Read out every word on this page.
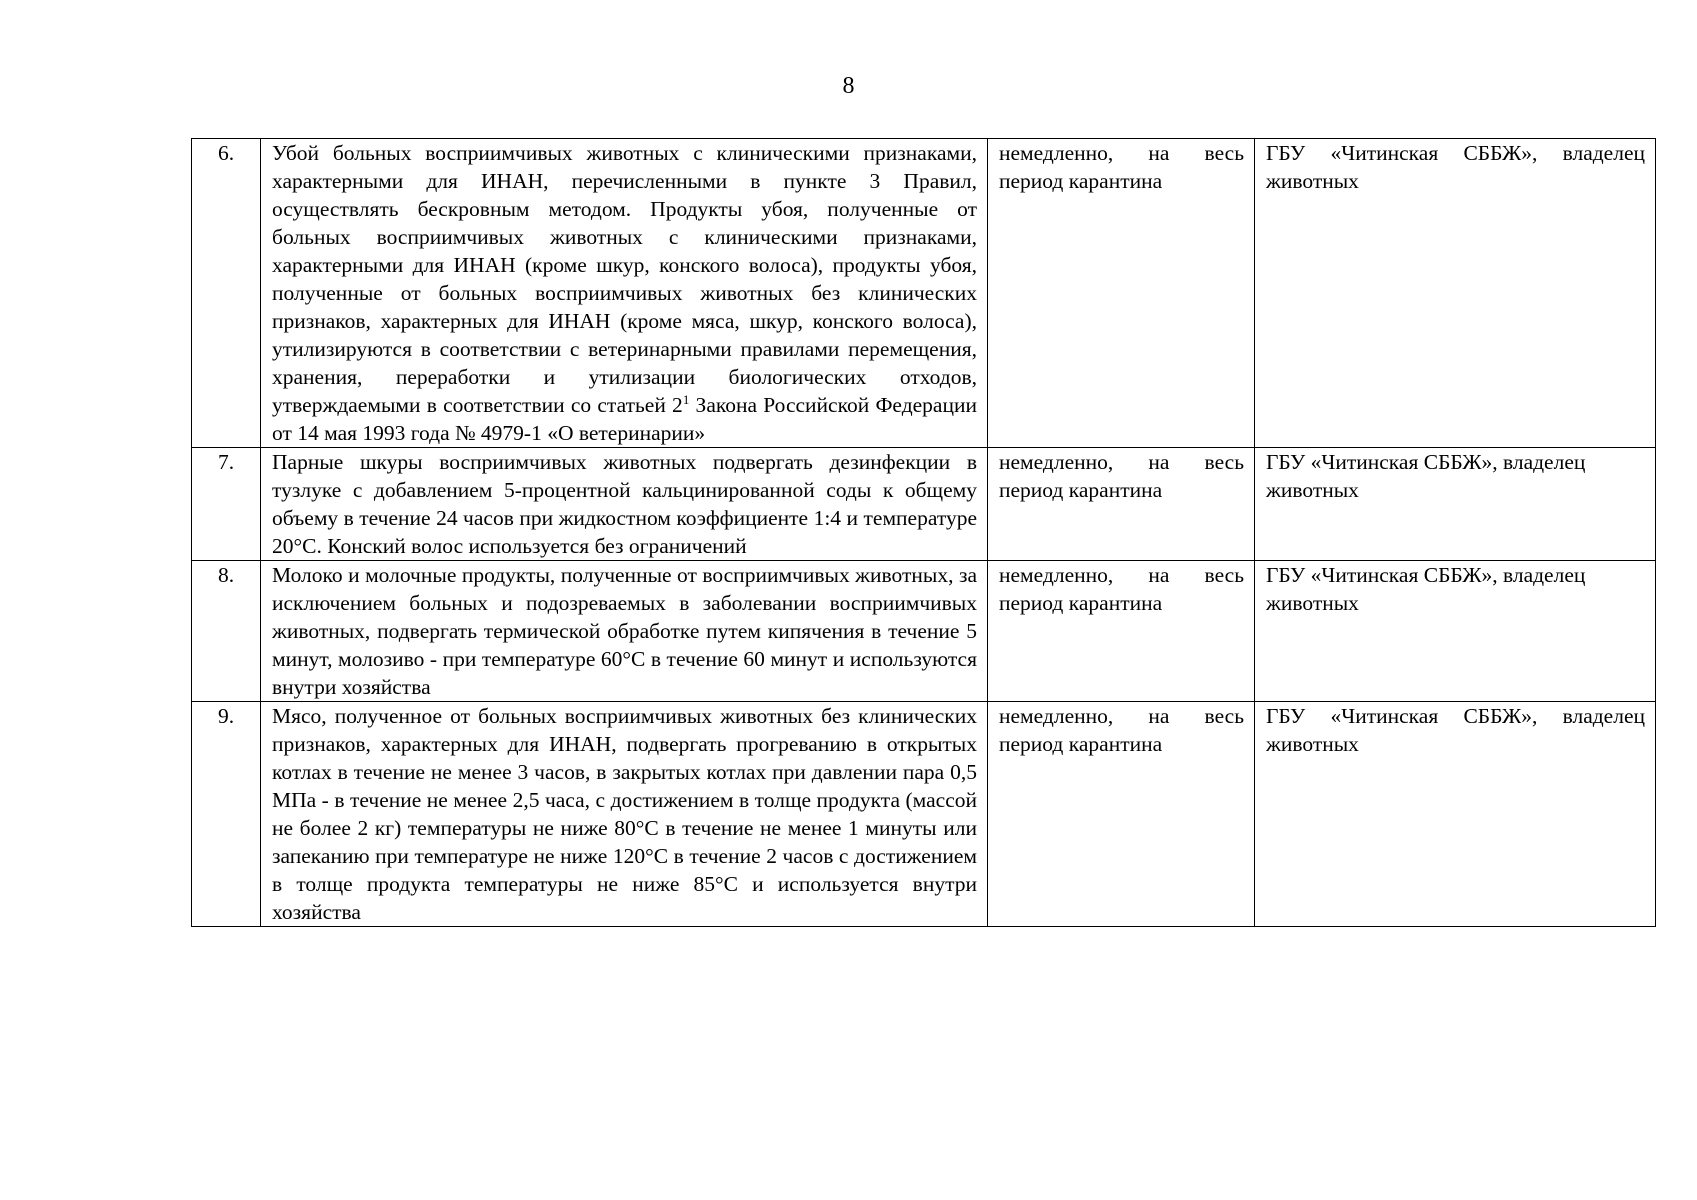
8
6.	Убой больных восприимчивых животных с клиническими признаками, характерными для ИНАН, перечисленными в пункте 3 Правил, осуществлять бескровным методом. Продукты убоя, полученные от больных восприимчивых животных с клиническими признаками, характерными для ИНАН (кроме шкур, конского волоса), продукты убоя, полученные от больных восприимчивых животных без клинических признаков, характерных для ИНАН (кроме мяса, шкур, конского волоса), утилизируются в соответствии с ветеринарными правилами перемещения, хранения, переработки и утилизации биологических отходов, утверждаемыми в соответствии со статьей $2^1$ Закона Российской Федерации от 14 мая 1993 года № 4979-1 «О ветеринарии»	немедленно, на весь период карантина	ГБУ «Читинская СББЖ», владелец животных
7.	Парные шкуры восприимчивых животных подвергать дезинфекции в тузлуке с добавлением 5-процентной кальцинированной соды к общему объему в течение 24 часов при жидкостном коэффициенте 1:4 и температуре 20°С. Конский волос используется без ограничений	немедленно, на весь период карантина	ГБУ «Читинская СББЖ», владелец животных
8.	Молоко и молочные продукты, полученные от восприимчивых животных, за исключением больных и подозреваемых в заболевании восприимчивых животных, подвергать термической обработке путем кипячения в течение 5 минут, молозиво - при температуре 60°С в течение 60 минут и используются внутри хозяйства	немедленно, на весь период карантина	ГБУ «Читинская СББЖ», владелец животных
9.	Мясо, полученное от больных восприимчивых животных без клинических признаков, характерных для ИНАН, подвергать прогреванию в открытых котлах в течение не менее 3 часов, в закрытых котлах при давлении пара 0,5 МПа - в течение не менее 2,5 часа, с достижением в толще продукта (массой не более 2 кг) температуры не ниже 80°С в течение не менее 1 минуты или запеканию при температуре не ниже 120°С в течение 2 часов с достижением в толще продукта температуры не ниже 85°С и используется внутри хозяйства	немедленно, на весь период карантина	ГБУ «Читинская СББЖ», владелец животных
